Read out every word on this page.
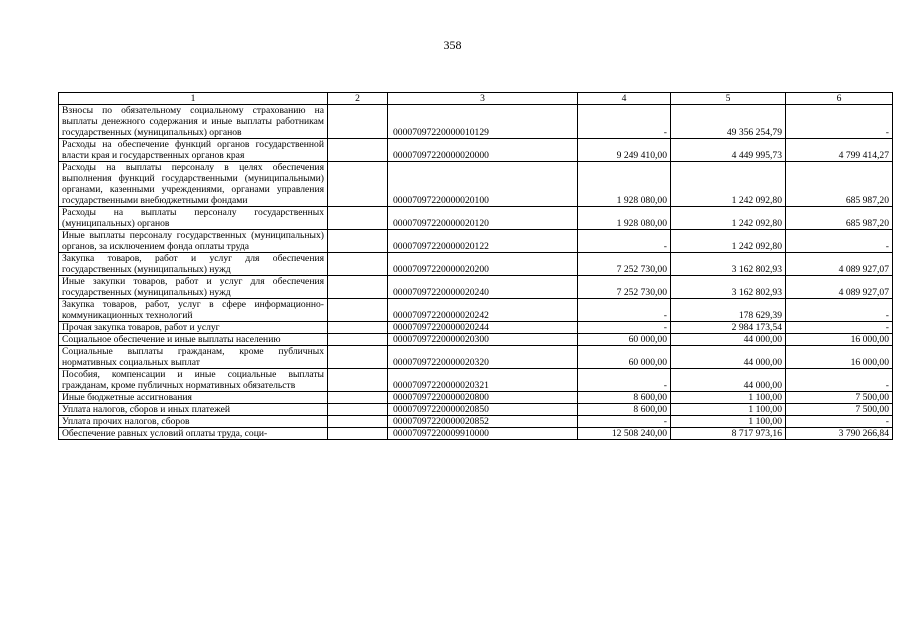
358
1	2	3	4	5	6
Взносы по обязательному социальному страхованию на выплаты денежного содержания и иные выплаты работникам государственных (муниципальных) органов		00007097220000010129	-	49 356 254,79	-
Расходы на обеспечение функций органов государственной власти края и государственных органов края		00007097220000020000	9 249 410,00	4 449 995,73	4 799 414,27
Расходы на выплаты персоналу в целях обеспечения выполнения функций государственными (муниципальными) органами, казенными учреждениями, органами управления государственными внебюджетными фондами		00007097220000020100	1 928 080,00	1 242 092,80	685 987,20
Расходы на выплаты персоналу государственных (муниципальных) органов		00007097220000020120	1 928 080,00	1 242 092,80	685 987,20
Иные выплаты персоналу государственных (муниципальных) органов, за исключением фонда оплаты труда		00007097220000020122	-	1 242 092,80	-
Закупка товаров, работ и услуг для обеспечения государственных (муниципальных) нужд		00007097220000020200	7 252 730,00	3 162 802,93	4 089 927,07
Иные закупки товаров, работ и услуг для обеспечения государственных (муниципальных) нужд		00007097220000020240	7 252 730,00	3 162 802,93	4 089 927,07
Закупка товаров, работ, услуг в сфере информационно-коммуникационных технологий		00007097220000020242	-	178 629,39	-
Прочая закупка товаров, работ и услуг		00007097220000020244	-	2 984 173,54	-
Социальное обеспечение и иные выплаты населению		00007097220000020300	60 000,00	44 000,00	16 000,00
Социальные выплаты гражданам, кроме публичных нормативных социальных выплат		00007097220000020320	60 000,00	44 000,00	16 000,00
Пособия, компенсации и иные социальные выплаты гражданам, кроме публичных нормативных обязательств		00007097220000020321	-	44 000,00	-
Иные бюджетные ассигнования		00007097220000020800	8 600,00	1 100,00	7 500,00
Уплата налогов, сборов и иных платежей		00007097220000020850	8 600,00	1 100,00	7 500,00
Уплата прочих налогов, сборов		00007097220000020852	-	1 100,00	-
Обеспечение равных условий оплаты труда, соци-		00007097220009910000	12 508 240,00	8 717 973,16	3 790 266,84
